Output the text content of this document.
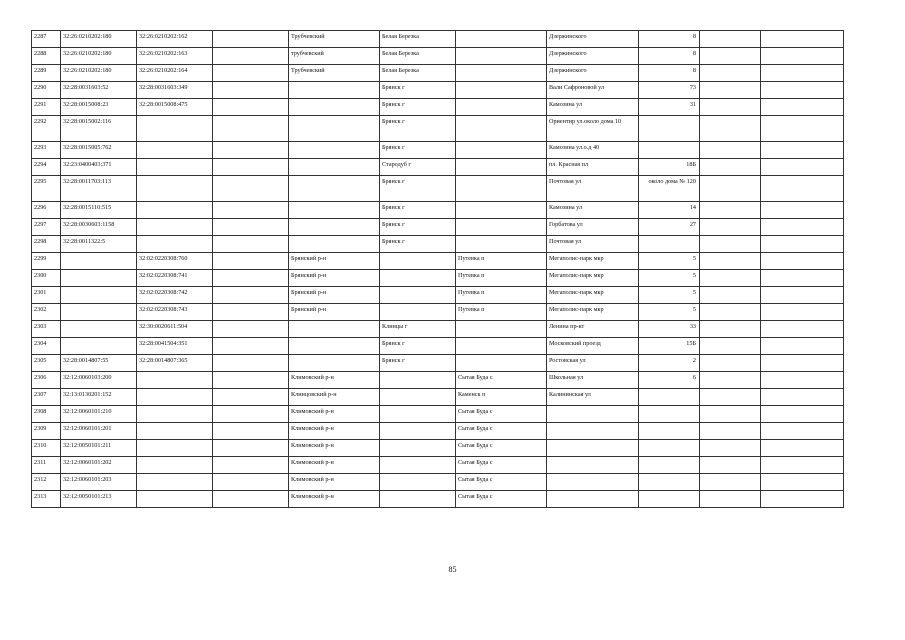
2287	32:26:0210202:180	32:26:0210202:162		Трубчевский	Белая Березка		Дзержинского	8		
2288	32:26:0210202:180	32:26:0210202:163		трубчевский	Белая Березка		Дзержинского	8		
2289	32:26:0210202:180	32:26:0210202:164		Трубчевский	Белая Березка		Дзержинского	8		
2290	32:28:0031603:52	32:28:0031603:349			Брянск г		Вали Сафроновой ул	73		
2291	32:28:0015008:23	32:28:0015008:475			Брянск г		Камозина ул	31		
2292	32:28:0015002:116				Брянск г		Ориентир ул.около дома 10			
2293	32:28:0015005:762				Брянск г		Камозина ул.о.д 40			
2294	32:23:0400403:371				Стародуб г		пл. Красная пл	18Б		
2295	32:28:0011703:113				Брянск г		Почтовая ул	около дома № 120		
2296	32:28:0015110:515				Брянск г		Камозина ул	14		
2297	32:28:0030603:1158				Брянск г		Горбатова ул	27		
2298	32:28:0011322:5				Брянск г		Почтовая ул			
2299		32:02:0220308:760		Брянский р-н		Путевка п	Мегаполис-парк мкр	5		
2300		32:02:0220308:741		Брянский р-н		Путевка п	Мегаполис-парк мкр	5		
2301		32:02:0220308:742		Брянский р-н		Путевка п	Мегаполис-парк мкр	5		
2302		32:02:0220308:743		Брянский р-н		Путевка п	Мегаполис-парк мкр	5		
2303		32:30:0020611:504			Клинцы г		Ленина пр-кт	33		
2304		32:28:0041504:351			Брянск г		Московский проезд	15Б		
2305	32:28:0014807:55	32:28:0014807:365			Брянск г		Ростовская ул	2		
2306	32:12:0060103:200			Климовский р-н		Сытая Буда с	Школьная ул	6		
2307	32:13:0130201:152			Клинцовский р-н		Каменск п	Калининская ул			
2308	32:12:0060101:210			Климовский р-н		Сытая Буда с				
2309	32:12:0060101:201			Климовский р-н		Сытая Буда с				
2310	32:12:0050101:211			Климовский р-н		Сытая Буда с				
2311	32:12:0060101:202			Климовский р-н		Сытая Буда с				
2312	32:12:0060101:203			Климовский р-н		Сытая Буда с				
2313	32:12:0050101:213			Климовский р-н		Сытая Буда с				
85
